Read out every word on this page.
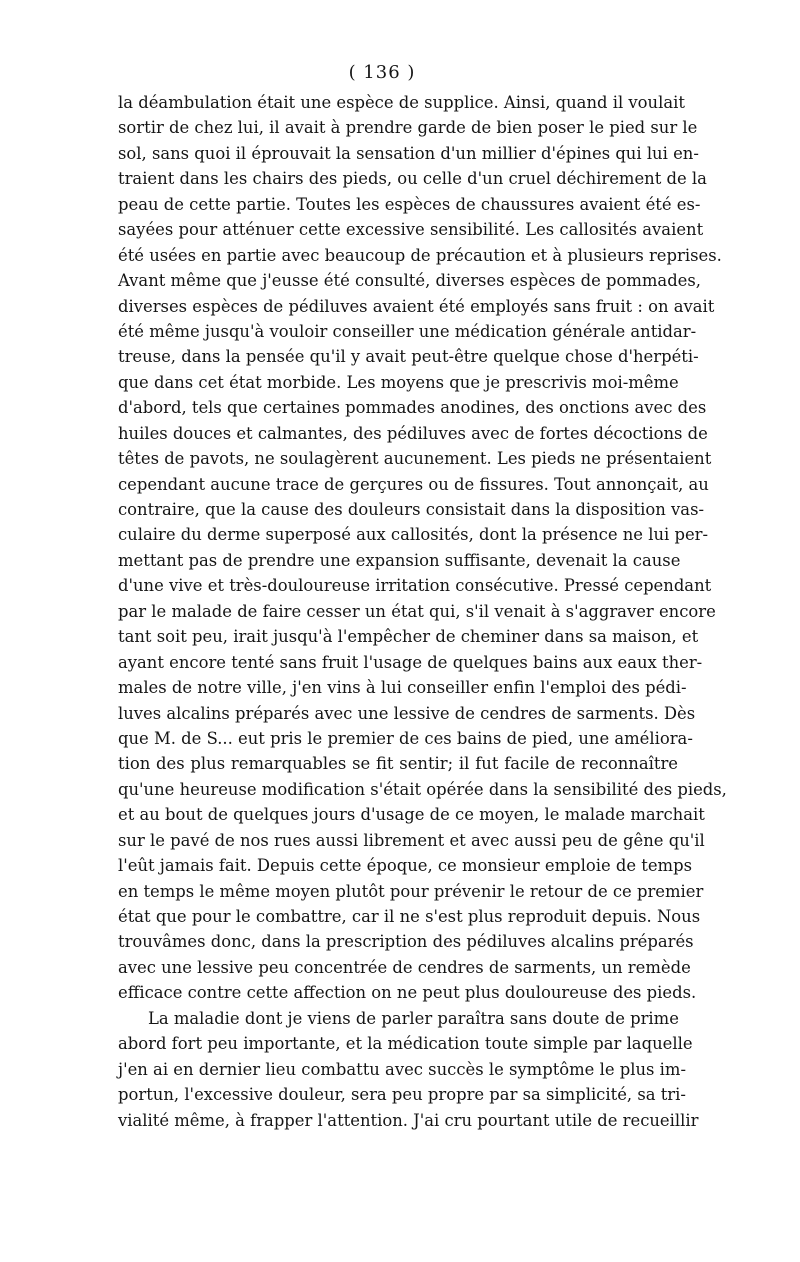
( 136 )
la déambulation était une espèce de supplice. Ainsi, quand il voulait
sortir de chez lui, il avait à prendre garde de bien poser le pied sur le
sol, sans quoi il éprouvait la sensation d'un millier d'épines qui lui en-
traient dans les chairs des pieds, ou celle d'un cruel déchirement de la
peau de cette partie. Toutes les espèces de chaussures avaient été es-
sayées pour atténuer cette excessive sensibilité. Les callosités avaient
été usées en partie avec beaucoup de précaution et à plusieurs reprises.
Avant même que j'eusse été consulté, diverses espèces de pommades,
diverses espèces de pédiluves avaient été employés sans fruit : on avait
été même jusqu'à vouloir conseiller une médication générale antidar-
treuse, dans la pensée qu'il y avait peut-être quelque chose d'herpéti-
que dans cet état morbide. Les moyens que je prescrivis moi-même
d'abord, tels que certaines pommades anodines, des onctions avec des
huiles douces et calmantes, des pédiluves avec de fortes décoctions de
têtes de pavots, ne soulagèrent aucunement. Les pieds ne présentaient
cependant aucune trace de gerçures ou de fissures. Tout annonçait, au
contraire, que la cause des douleurs consistait dans la disposition vas-
culaire du derme superposé aux callosités, dont la présence ne lui per-
mettant pas de prendre une expansion suffisante, devenait la cause
d'une vive et très-douloureuse irritation consécutive. Pressé cependant
par le malade de faire cesser un état qui, s'il venait à s'aggraver encore
tant soit peu, irait jusqu'à l'empêcher de cheminer dans sa maison, et
ayant encore tenté sans fruit l'usage de quelques bains aux eaux ther-
males de notre ville, j'en vins à lui conseiller enfin l'emploi des pédi-
luves alcalins préparés avec une lessive de cendres de sarments. Dès
que M. de S... eut pris le premier de ces bains de pied, une améliora-
tion des plus remarquables se fit sentir; il fut facile de reconnaître
qu'une heureuse modification s'était opérée dans la sensibilité des pieds,
et au bout de quelques jours d'usage de ce moyen, le malade marchait
sur le pavé de nos rues aussi librement et avec aussi peu de gêne qu'il
l'eût jamais fait. Depuis cette époque, ce monsieur emploie de temps
en temps le même moyen plutôt pour prévenir le retour de ce premier
état que pour le combattre, car il ne s'est plus reproduit depuis. Nous
trouvâmes donc, dans la prescription des pédiluves alcalins préparés
avec une lessive peu concentrée de cendres de sarments, un remède
efficace contre cette affection on ne peut plus douloureuse des pieds.
La maladie dont je viens de parler paraîtra sans doute de prime
abord fort peu importante, et la médication toute simple par laquelle
j'en ai en dernier lieu combattu avec succès le symptôme le plus im-
portun, l'excessive douleur, sera peu propre par sa simplicité, sa tri-
vialité même, à frapper l'attention. J'ai cru pourtant utile de recueillir
